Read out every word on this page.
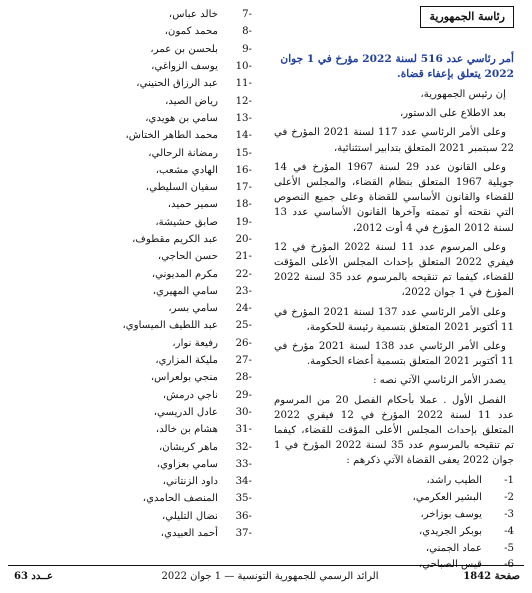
رئاسة الجمهورية
أمر رئاسي عدد 516 لسنة 2022 مؤرخ في 1 جوان 2022 يتعلق بإعفاء قضاة.

إن رئيس الجمهورية،

بعد الاطلاع على الدستور،

وعلى الأمر الرئاسي عدد 117 لسنة 2021 المؤرخ في 22 سبتمبر 2021 المتعلق بتدابير استثنائية،

وعلى القانون عدد 29 لسنة 1967 المؤرخ في 14 جويلية 1967 المتعلق بنظام القضاء، والمجلس الأعلى للقضاء والقانون الأساسي للقضاة وعلى جميع النصوص التي نقحته أو تممته وآخرها القانون الأساسي عدد 13 لسنة 2012 المؤرخ في 4 أوت 2012،

وعلى المرسوم عدد 11 لسنة 2022 المؤرخ في 12 فيفري 2022 المتعلق بإحداث المجلس الأعلى المؤقت للقضاء، كيفما تم تنقيحه بالمرسوم عدد 35 لسنة 2022 المؤرخ في 1 جوان 2022،

وعلى الأمر الرئاسي عدد 137 لسنة 2021 المؤرخ في 11 أكتوبر 2021 المتعلق بتسمية رئيسة للحكومة،

وعلى الأمر الرئاسي عدد 138 لسنة 2021 مؤرخ في 11 أكتوبر 2021 المتعلق بتسمية أعضاء الحكومة.

يصدر الأمر الرئاسي الآتي نصه :

الفصل الأول . عملا بأحكام الفصل 20 من المرسوم عدد 11 لسنة 2022 المؤرخ في 12 فيفري 2022 المتعلق بإحداث المجلس الأعلى المؤقت للقضاء، كيفما تم تنقيحه بالمرسوم عدد 35 لسنة 2022 المؤرخ في 1 جوان 2022 يعفى القضاة الآتي ذكرهم :

1-
الطيب راشد،
2-
البشير العكرمي،
3-
يوسف بوزاخر،
4-
بوبكر الجريدي،
5-
عماد الجمني،
6-
قيس الصباحي،
-7
خالد عباس،
-8
محمد كمون،
-9
بلحسن بن عمر،
-10
يوسف الزواغي،
-11
عبد الرزاق الحنيني،
-12
رياض الصيد،
-13
سامي بن هويدي،
-14
محمد الطاهر الختاش،
-15
رمضانة الرحالي،
-16
الهادي مشعب،
-17
سفيان السليطي،
-18
سمير حميد،
-19
صابق حشيشة،
-20
عبد الكريم مقطوف،
-21
حسن الحاجي،
-22
مكرم المديوني،
-23
سامي المهيري،
-24
سامي بسر،
-25
عبد اللطيف الميساوي،
-26
رفيعة نوار،
-27
مليكة المزاري،
-28
منجي بولعراس،
-29
ناجي درمش،
-30
عادل الدريسي،
-31
هشام بن خالد،
-32
ماهر كريشان،
-33
سامي بعزاوي،
-34
داود الزنتاني،
-35
المنصف الحامدي،
-36
نضال التليلي،
-37
أحمد العبيدي،
صفحة 1842
الرائد الرسمي للجمهورية التونسية — 1 جوان 2022
عــدد 63
